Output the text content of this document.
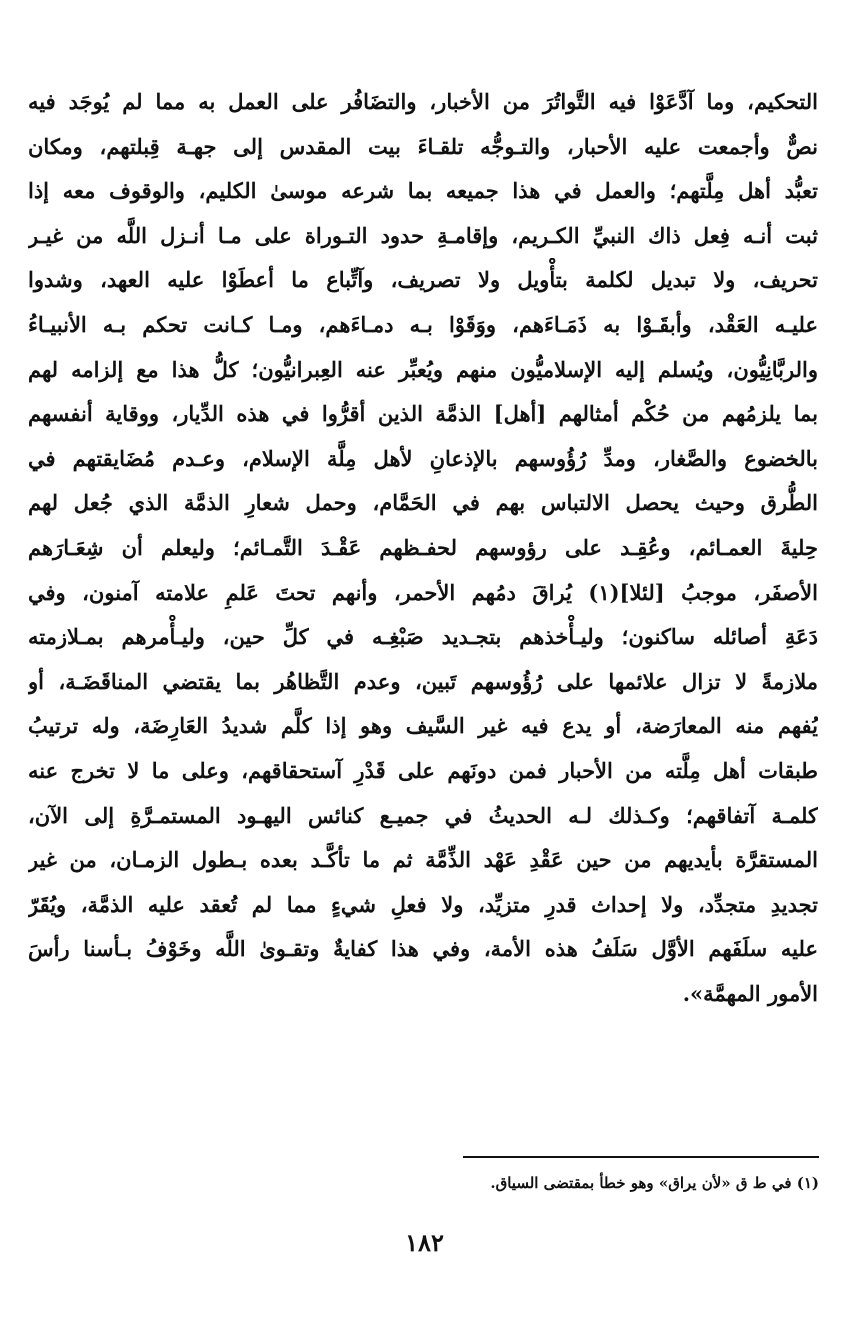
التحكيم، وما آدَّعَوْا فيه التَّواتُرَ من الأخبار، والتضَافُر على العمل به مما لم يُوجَد فيه
نصٌّ وأجمعت عليه الأحبار، والتـوجُّه تلقـاءَ بيت المقدس إلى جهـة قِبلتهم، ومكان
تعبُّد أهل مِلَّتهم؛ والعمل في هذا جميعه بما شرعه موسىٰ الكليم، والوقوف معه إذا
ثبت أنـه فِعل ذاك النبيِّ الكـريم، وإقامـةِ حدود التـوراة على مـا أنـزل اللَّه من غيـر
تحريف، ولا تبديل لكلمة بتأْويل ولا تصريف، وآتِّباع ما أعطَوْا عليه العهد، وشدوا
عليـه العَقْد، وأبقَـوْا به ذَمَـاءَهم، ووَقَوْا بـه دمـاءَهم، ومـا كـانت تحكم بـه الأنبيـاءُ
والربَّانِيُّون، ويُسلم إليه الإسلاميُّون منهم ويُعبِّر عنه العِبرانيُّون؛ كلُّ هذا مع إلزامه لهم
بما يلزمُهم من حُكْم أمثالهم [أهل] الذمَّة الذين أقرُّوا في هذه الدِّيار، ووقاية أنفسهم
بالخضوع والصَّغار، ومدِّ رُؤُوسهم بالإذعانِ لأهل مِلَّة الإسلام، وعـدم مُضَايقتهم في
الطُّرق وحيث يحصل الالتباس بهم في الحَمَّام، وحمل شعارِ الذمَّة الذي جُعل لهم
حِليةَ العمـائم، وعُقِـد على رؤوسهم لحفـظهم عَقْـدَ التَّمـائم؛ وليعلم أن شِعَـارَهم
الأصفَر، موجبُ [لئلا](١) يُراقَ دمُهم الأحمر، وأنهم تحتَ عَلمِ علامته آمنون، وفي
دَعَةِ أصائله ساكنون؛ وليـأْخذهم بتجـديد صَبْغِـه في كلِّ حين، وليـأْمرهم بمـلازمته
ملازمةً لا تزال علائمها على رُؤُوسهم تَبين، وعدم التَّظاهُر بما يقتضي المناقَضَـة، أو
يُفهم منه المعارَضة، أو يدع فيه غير السَّيف وهو إذا كلَّم شديدُ العَارِضَة، وله ترتيبُ
طبقات أهل مِلَّته من الأحبار فمن دونَهم على قَدْرِ آستحقاقهم، وعلى ما لا تخرج عنه
كلمـة آتفاقهم؛ وكـذلك لـه الحديثُ في جميـع كنائس اليهـود المستمـرَّةِ إلى الآن،
المستقرَّة بأيديهم من حين عَقْدِ عَهْد الذِّمَّة ثم ما تأكَّـد بعده بـطول الزمـان، من غير
تجديدِ متجدِّد، ولا إحداث قدرِ متزيِّد، ولا فعلِ شيءٍ مما لم تُعقد عليه الذمَّة، ويُقَرّ
عليه سلَفَهم الأوَّل سَلَفُ هذه الأمة، وفي هذا كفايةٌ وتقـوىٰ اللَّه وخَوْفُ بـأسنا رأسَ
الأمور المهمَّة».
(١) في ط ق «لأن يراق» وهو خطأ بمقتضى السياق.
١٨٢
